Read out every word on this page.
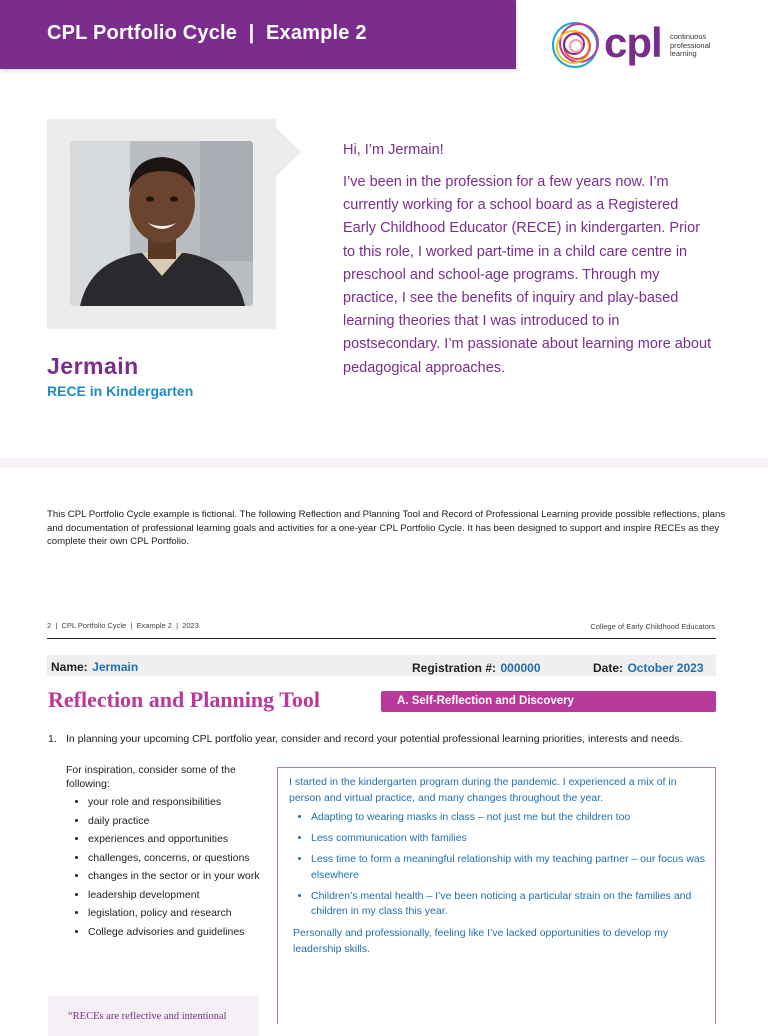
CPL Portfolio Cycle  |  Example 2	cpl continuous
professional
learning
Jermain
RECE in Kindergarten
Hi, I’m Jermain!
I’ve been in the profession for a few years now. I’m currently working for a school board as a Registered Early Childhood Educator (RECE) in kindergarten. Prior to this role, I worked part-time in a child care centre in preschool and school-age programs. Through my practice, I see the benefits of inquiry and play-based learning theories that I was introduced to in postsecondary. I’m passionate about learning more about pedagogical approaches.
This CPL Portfolio Cycle example is fictional. The following Reflection and Planning Tool and Record of Professional Learning provide possible reflections, plans and documentation of professional learning goals and activities for a one-year CPL Portfolio Cycle. It has been designed to support and inspire RECEs as they complete their own CPL Portfolio.
2  |  CPL Portfolio Cycle  |  Example 2  |  2023	College of Early Childhood Educators
Name: Jermain	Registration #: 000000	Date: October 2023
Reflection and Planning Tool	A. Self-Reflection and Discovery
1. In planning your upcoming CPL portfolio year, consider and record your potential professional learning priorities, interests and needs.
For inspiration, consider some of the following:
• your role and responsibilities
• daily practice
• experiences and opportunities
• challenges, concerns, or questions
• changes in the sector or in your work
• leadership development
• legislation, policy and research
• College advisories and guidelines
I started in the kindergarten program during the pandemic. I experienced a mix of in person and virtual practice, and many changes throughout the year.
• Adapting to wearing masks in class – not just me but the children too
• Less communication with families
• Less time to form a meaningful relationship with my teaching partner – our focus was elsewhere
• Children’s mental health – I’ve been noticing a particular strain on the families and children in my class this year.
Personally and professionally, feeling like I’ve lacked opportunities to develop my leadership skills.
“RECEs are reflective and intentional
